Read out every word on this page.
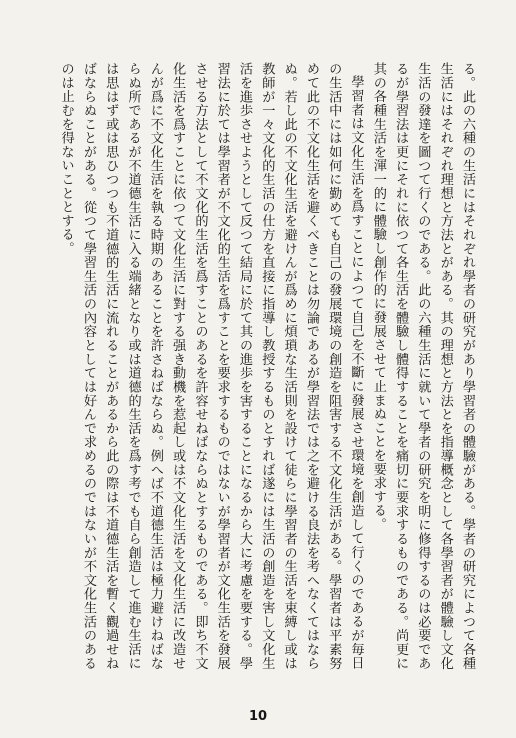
る。此の六種の生活にはそれぞれ學者の研究があり學習者の體驗がある。學者の研究によつて各種生活にはそれぞれ理想と方法とがある。其の理想と方法とを指導概念として各學習者が體驗し文化生活の發達を圖つて行くのである。此の六種生活に就いて學者の研究を明に修得するのは必要であるが學習法は更にそれに依つて各生活を體驗し體得することを痛切に要求するものである。尚更に其の各種生活を渾一的に體驗し創作的に發展させて止まぬことを要求する。

學習者は文化生活を爲すことによつて自己を不斷に發展させ環境を創造して行くのであるが毎日の生活中には如何に勤めても自己の發展環境の創造を阻害する不文化生活がある。學習者は平素努めて此の不文化生活を避くべきことは勿論であるが學習法では之を避ける良法を考へなくてはならぬ。若し此の不文化生活を避けんが爲めに煩瑣な生活則を設けて徒らに學習者の生活を束縛し或は教師が一々文化的生活の仕方を直接に指導し教授するものとすれば遂には生活の創造を害し文化生活を進歩させようとして反つて結局に於て其の進歩を害することになるから大に考慮を要する。學習法に於ては學習者が不文化的生活を爲すことを要求するものではないが學習者が文化生活を發展させる方法として不文化的生活を爲すことのあるを許容せねばならぬとするものである。即ち不文化生活を爲すことに依つて文化生活に對する强き動機を惹起し或は不文化生活を文化生活に改造せんが爲に不文化生活を執る時期のあることを許さねばならぬ。例へば不道德生活は極力避けねばならぬ所であるが不道德生活に入る端緒となり或は道德的生活を爲す考でも自ら創造して進む生活には思はず或は思ひつつも不道德的生活に流れることがあるから此の際は不道德生活を暫く觀過せねばならぬことがある。從つて學習生活の內容としては好んで求めるのではないが不文化生活のあるのは止むを得ないこととする。

10
